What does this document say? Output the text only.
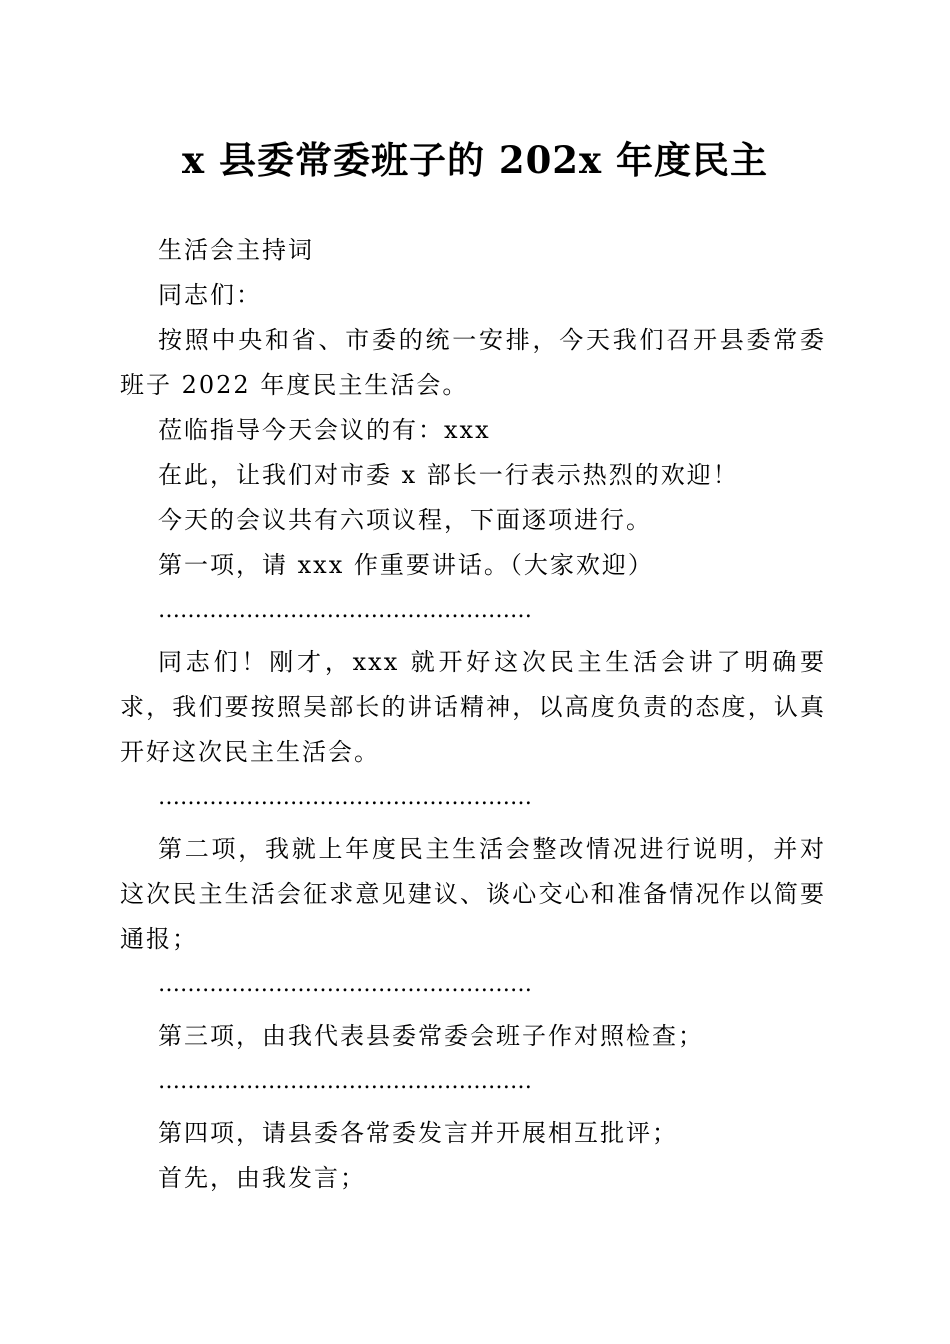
x 县委常委班子的 202x 年度民主

生活会主持词

同志们：

按照中央和省、市委的统一安排，今天我们召开县委常委班子 2022 年度民主生活会。

莅临指导今天会议的有：xxx

在此，让我们对市委 x 部长一行表示热烈的欢迎！

今天的会议共有六项议程，下面逐项进行。

第一项，请 xxx 作重要讲话。（大家欢迎）

……………………………………………

同志们！刚才，xxx 就开好这次民主生活会讲了明确要求，我们要按照吴部长的讲话精神，以高度负责的态度，认真开好这次民主生活会。

……………………………………………

第二项，我就上年度民主生活会整改情况进行说明，并对这次民主生活会征求意见建议、谈心交心和准备情况作以简要通报；

……………………………………………

第三项，由我代表县委常委会班子作对照检查；

……………………………………………

第四项，请县委各常委发言并开展相互批评；

首先，由我发言；
